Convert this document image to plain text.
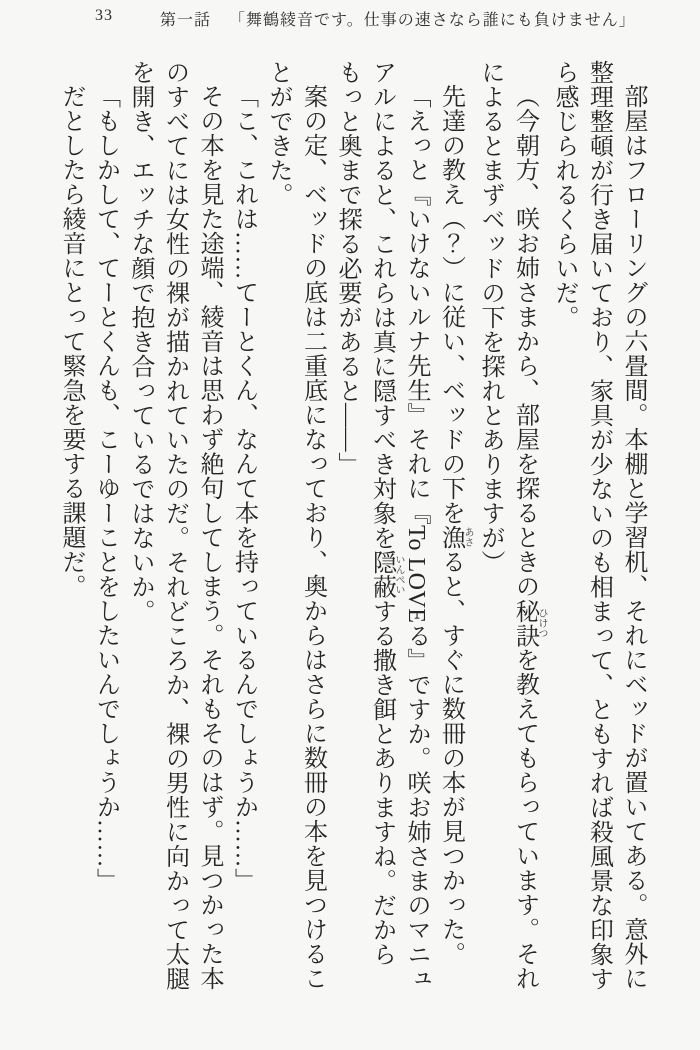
33	第一話 「舞鶴綾音です。仕事の速さなら誰にも負けません」

部屋はフローリングの六畳間。本棚と学習机、それにベッドが置いてある。意外に整理整頓が行き届いており、家具が少ないのも相まって、ともすれば殺風景な印象すら感じられるくらいだ。

（今朝方、咲お姉さまから、部屋を探るときの秘訣ひけつを教えてもらっています。それによるとまずベッドの下を探れとありますが）

先達の教え（？）に従い、ベッドの下を漁あさると、すぐに数冊の本が見つかった。

「えっと『いけないルナ先生』それに『To LOVEる』ですか。咲お姉さまのマニュアルによると、これらは真に隠すべき対象を隠蔽いんぺいする撒き餌とありますね。だからもっと奥まで探る必要があると――」

案の定、ベッドの底は二重底になっており、奥からはさらに数冊の本を見つけることができた。

「こ、これは……てーとくん、なんて本を持っているんでしょうか……」

その本を見た途端、綾音は思わず絶句してしまう。それもそのはず。見つかった本のすべてには女性の裸が描かれていたのだ。それどころか、裸の男性に向かって太腿を開き、エッチな顔で抱き合っているではないか。

「もしかして、てーとくんも、こーゆーことをしたいんでしょうか……」

だとしたら綾音にとって緊急を要する課題だ。
